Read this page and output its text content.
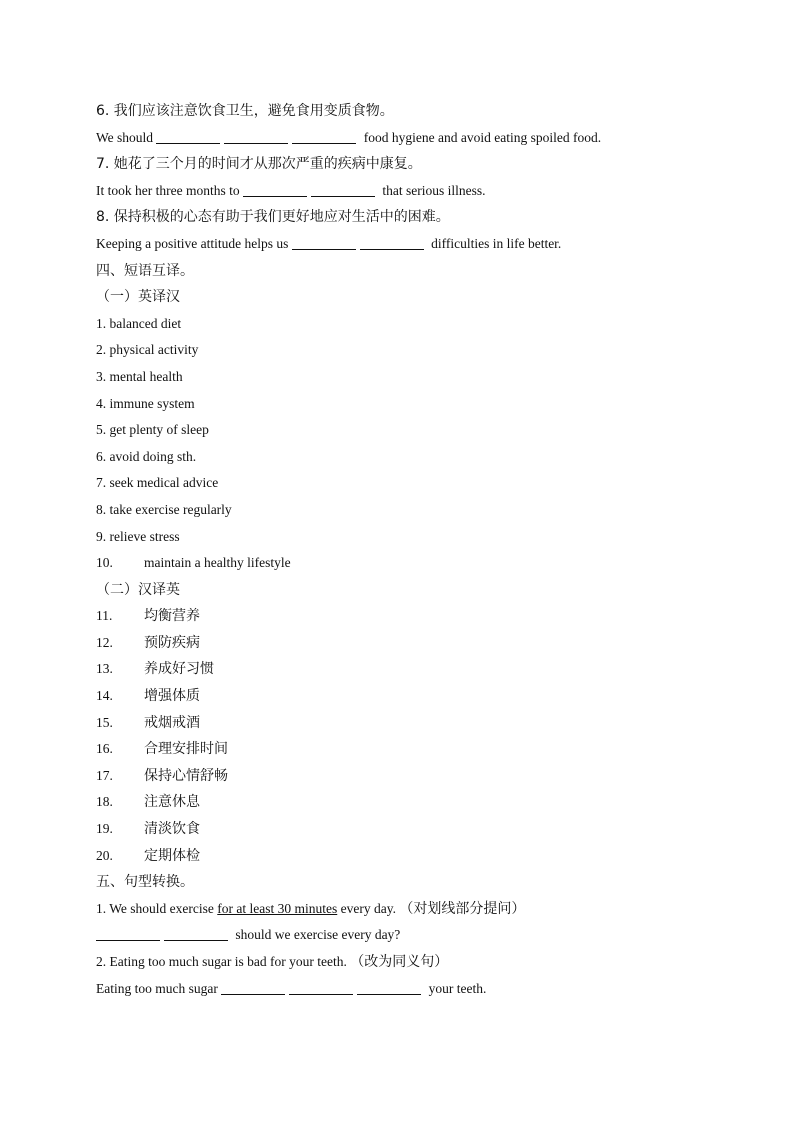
6. 我们应该注意饮食卫生，避免食用变质食物。
We should	food hygiene and avoid eating spoiled food.
7. 她花了三个月的时间才从那次严重的疾病中康复。
It took her three months to	that serious illness.
8. 保持积极的心态有助于我们更好地应对生活中的困难。
Keeping a positive attitude helps us	difficulties in life better.
四、短语互译。
（一）英译汉
1. balanced diet
2. physical activity
3. mental health
4. immune system
5. get plenty of sleep
6. avoid doing sth.
7. seek medical advice
8. take exercise regularly
9. relieve stress
10. maintain a healthy lifestyle
（二）汉译英
11. 均衡营养
12. 预防疾病
13. 养成好习惯
14. 增强体质
15. 戒烟戒酒
16. 合理安排时间
17. 保持心情舒畅
18. 注意休息
19. 清淡饮食
20. 定期体检
五、句型转换。
1. We should exercise for at least 30 minutes every day. （对划线部分提问）
should we exercise every day?
2. Eating too much sugar is bad for your teeth. （改为同义句）
Eating too much sugar	your teeth.
